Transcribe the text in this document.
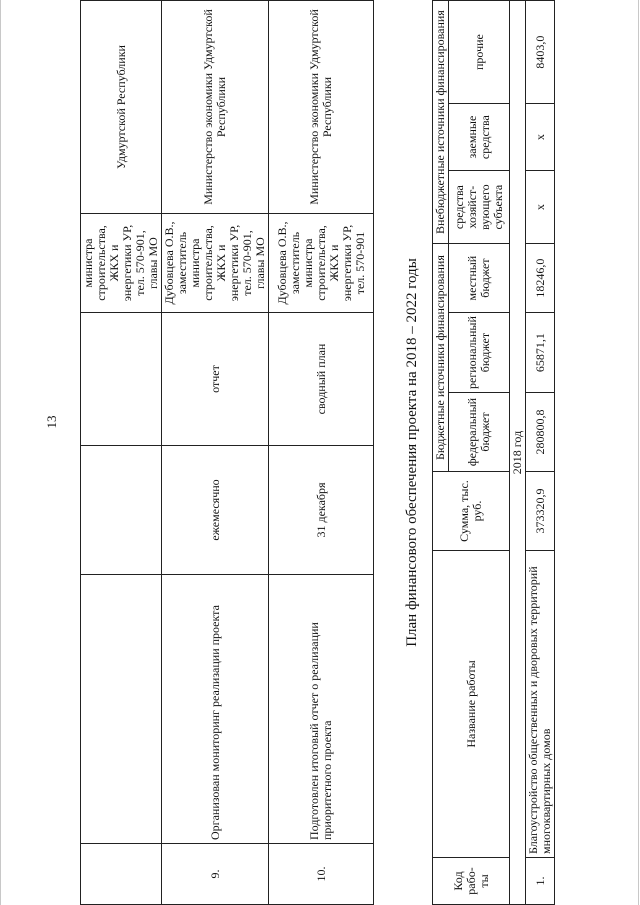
13
				министра строительства, ЖКХ и энергетики УР, тел. 570-901, главы МО	Удмуртской Республики
9.	Организован мониторинг реализации проекта	ежемесячно	отчет	Дубовцева О.В., заместитель министра строительства, ЖКХ и энергетики УР, тел. 570-901, главы МО	Министерство экономики Удмуртской Республики
10.	Подготовлен итоговый отчет о реализации приоритетного проекта	31 декабря	сводный план	Дубовцева О.В., заместитель министра строительства, ЖКХ и энергетики УР, тел. 570-901	Министерство экономики Удмуртской Республики
План финансового обеспечения проекта на 2018 – 2022 годы
Код рабо-ты	Название работы	Сумма, тыс. руб.	Бюджетные источники финансирования			Внебюджетные источники финансирования		
			федеральный бюджет	региональный бюджет	местный бюджет	средства хозяйст-вующего субъекта	заемные средства	прочие
2018 год								
1.	Благоустройство общественных и дворовых территорий многоквартирных домов	373320,9	280800,8	65871,1	18246,0	х	х	8403,0
